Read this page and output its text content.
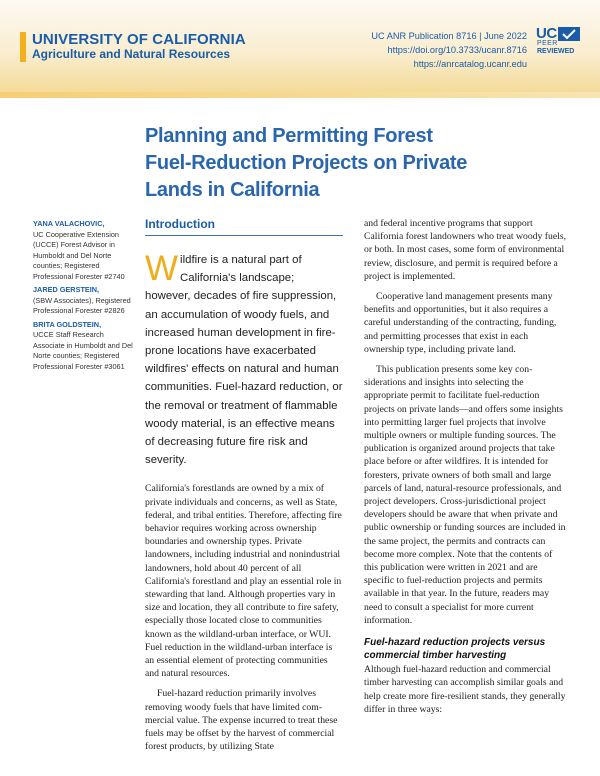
UNIVERSITY OF CALIFORNIA
Agriculture and Natural Resources
UC ANR Publication 8716 | June 2022
https://doi.org/10.3733/ucanr.8716
https://anrcatalog.ucanr.edu
UC
PEER
REVIEWED
Planning and Permitting Forest
Fuel-Reduction Projects on Private
Lands in California
YANA VALACHOVIC,
UC Cooperative Extension (UCCE) Forest Advisor in Humboldt and Del Norte counties; Registered Professional Forester #2740
JARED GERSTEIN,
(SBW Associates), Registered Professional Forester #2826
BRITA GOLDSTEIN,
UCCE Staff Research Associate in Humboldt and Del Norte counties; Registered Professional Forester #3061
Introduction

Wildfire is a natural part of California's landscape; however, decades of fire suppression, an accumulation of woody fuels, and increased human development in fire-prone locations have exacerbated wildfires' effects on natural and human communities. Fuel-hazard reduction, or the removal or treatment of flammable woody material, is an effective means of decreasing future fire risk and severity.

California's forestlands are owned by a mix of private individuals and concerns, as well as State, federal, and tribal entities. Therefore, affecting fire behavior requires working across ownership boundaries and ownership types. Private landowners, including industrial and nonindustrial landowners, hold about 40 percent of all California's forestland and play an essential role in stewarding that land. Although properties vary in size and location, they all contribute to fire safety, especially those located close to communities known as the wildland-urban interface, or WUI. Fuel reduction in the wildland-urban interface is an essential element of protecting communities and natural resources.

Fuel-hazard reduction primarily involves removing woody fuels that have limited commercial value. The expense incurred to treat these fuels may be offset by the harvest of commercial forest products, by utilizing State

and federal incentive programs that support California forest landowners who treat woody fuels, or both. In most cases, some form of environmental review, disclosure, and permit is required before a project is implemented.

Cooperative land management presents many benefits and opportunities, but it also requires a careful understanding of the contracting, funding, and permitting processes that exist in each ownership type, including private land.

This publication presents some key considerations and insights into selecting the appropriate permit to facilitate fuel-reduction projects on private lands—and offers some insights into permitting larger fuel projects that involve multiple owners or multiple funding sources. The publication is organized around projects that take place before or after wildfires. It is intended for foresters, private owners of both small and large parcels of land, natural-resource professionals, and project developers. Cross-jurisdictional project developers should be aware that when private and public ownership or funding sources are included in the same project, the permits and contracts can become more complex. Note that the contents of this publication were written in 2021 and are specific to fuel-reduction projects and permits available in that year. In the future, readers may need to consult a specialist for more current information.

Fuel-hazard reduction projects versus commercial timber harvesting

Although fuel-hazard reduction and commercial timber harvesting can accomplish similar goals and help create more fire-resilient stands, they generally differ in three ways:
